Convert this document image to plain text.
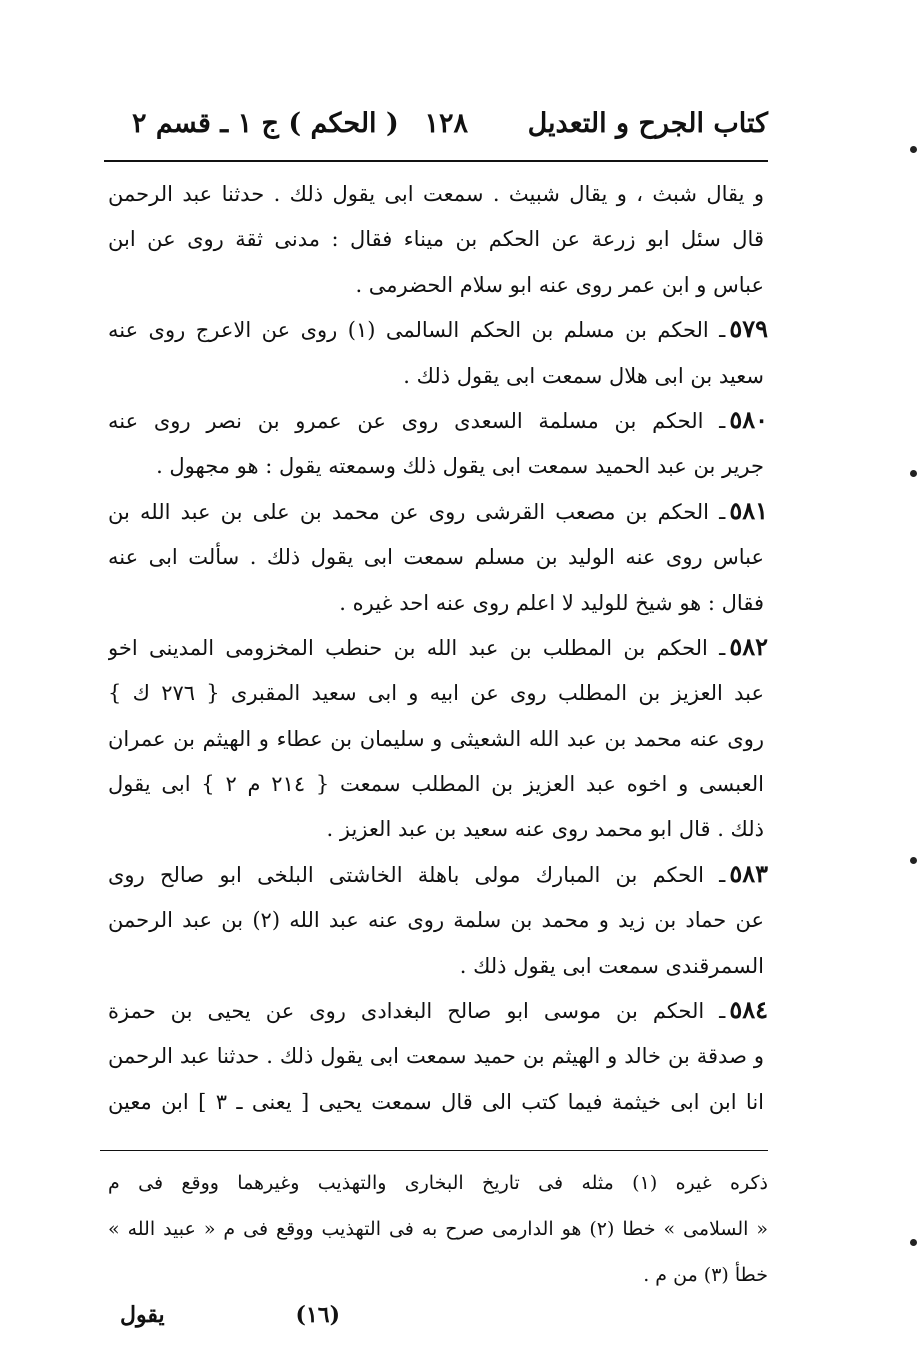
كتاب الجرح و التعديل
١٢٨
( الحكم ) ج ١ ـ قسم ٢
و يقال شبث ، و يقال شبيث . سمعت ابى يقول ذلك . حدثنا عبد الرحمن
قال سئل ابو زرعة عن الحكم بن ميناء فقال : مدنى ثقة روى عن ابن
عباس و ابن عمر روى عنه ابو سلام الحضرمى .
٥٧٩ـ الحكم بن مسلم بن الحكم السالمى (١) روى عن الاعرج روى عنه
سعيد بن ابى هلال سمعت ابى يقول ذلك .
٥٨٠ـ الحكم بن مسلمة السعدى روى عن عمرو بن نصر روى عنه
جرير بن عبد الحميد سمعت ابى يقول ذلك وسمعته يقول : هو مجهول .
٥٨١ـ الحكم بن مصعب القرشى روى عن محمد بن على بن عبد الله بن
عباس روى عنه الوليد بن مسلم سمعت ابى يقول ذلك . سألت ابى عنه
فقال : هو شيخ للوليد لا اعلم روى عنه احد غيره .
٥٨٢ـ الحكم بن المطلب بن عبد الله بن حنطب المخزومى المدينى اخو
عبد العزيز بن المطلب روى عن ابيه و ابى سعيد المقبرى { ٢٧٦ ك }
روى عنه محمد بن عبد الله الشعيثى و سليمان بن عطاء و الهيثم بن عمران
العبسى و اخوه عبد العزيز بن المطلب سمعت { ٢١٤ م ٢ } ابى يقول
ذلك . قال ابو محمد روى عنه سعيد بن عبد العزيز .
٥٨٣ـ الحكم بن المبارك مولى باهلة الخاشتى البلخى ابو صالح روى
عن حماد بن زيد و محمد بن سلمة روى عنه عبد الله (٢) بن عبد الرحمن
السمرقندى سمعت ابى يقول ذلك .
٥٨٤ـ الحكم بن موسى ابو صالح البغدادى روى عن يحيى بن حمزة
و صدقة بن خالد و الهيثم بن حميد سمعت ابى يقول ذلك . حدثنا عبد الرحمن
انا ابن ابى خيثمة فيما كتب الى قال سمعت يحيى [ يعنى ـ ٣ ] ابن معين
ذكره غيره (١) مثله فى تاريخ البخارى والتهذيب وغيرهما ووقع فى م
« السلامى » خطا (٢) هو الدارمى صرح به فى التهذيب ووقع فى م « عبيد الله »
خطأ (٣) من م .
(١٦)
يقول
